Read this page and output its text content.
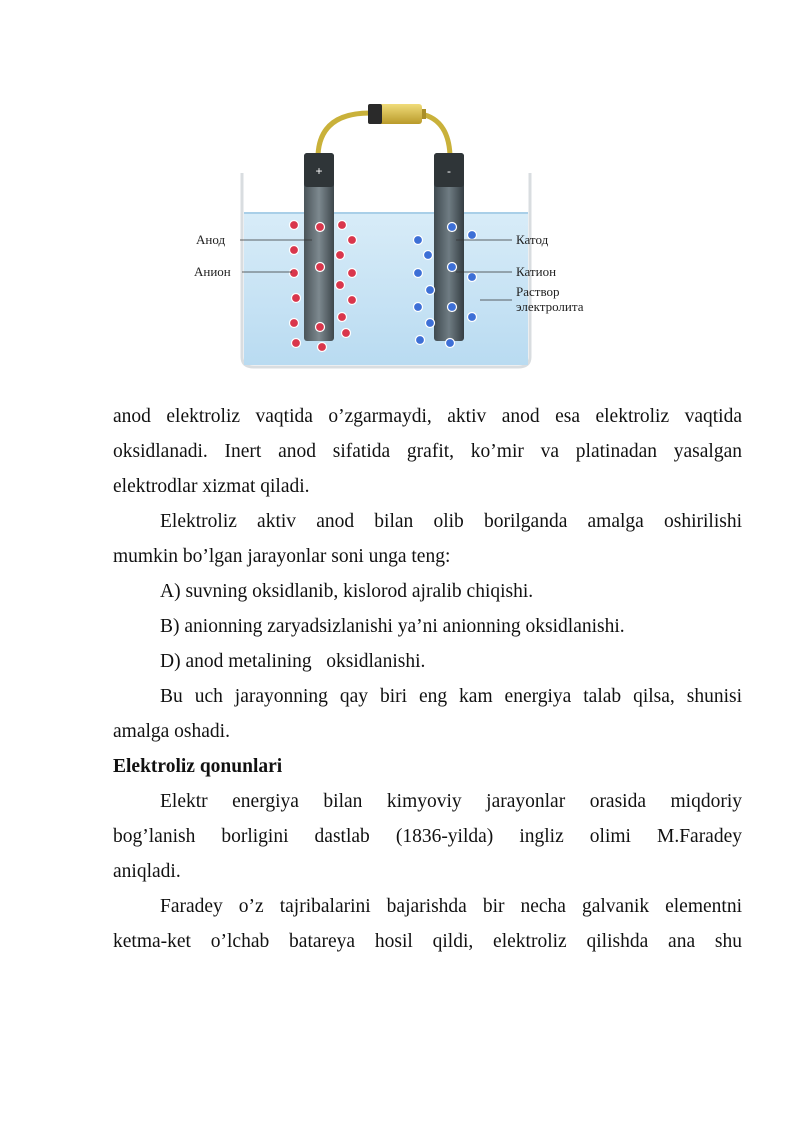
+	-
Анод
Анион
Катод
Катион
Раствор
электролита

anod elektroliz vaqtida o’zgarmaydi, aktiv anod esa elektroliz vaqtida

oksidlanadi. Inert anod sifatida grafit, ko’mir va platinadan yasalgan

elektrodlar xizmat qiladi.

Elektroliz aktiv anod bilan olib borilganda amalga oshirilishi

mumkin bo’lgan jarayonlar soni unga teng:

A) suvning oksidlanib, kislorod ajralib chiqishi.

B) anionning zaryadsizlanishi ya’ni anionning oksidlanishi.

D) anod metalining   oksidlanishi.

Bu uch jarayonning qay biri eng kam energiya talab qilsa, shunisi

amalga oshadi.

Elektroliz qonunlari

Elektr energiya bilan kimyoviy jarayonlar orasida miqdoriy

bog’lanish borligini dastlab (1836-yilda) ingliz olimi M.Faradey

aniqladi.

Faradey o’z tajribalarini bajarishda bir necha galvanik elementni

ketma-ket o’lchab batareya hosil qildi, elektroliz qilishda ana shu
